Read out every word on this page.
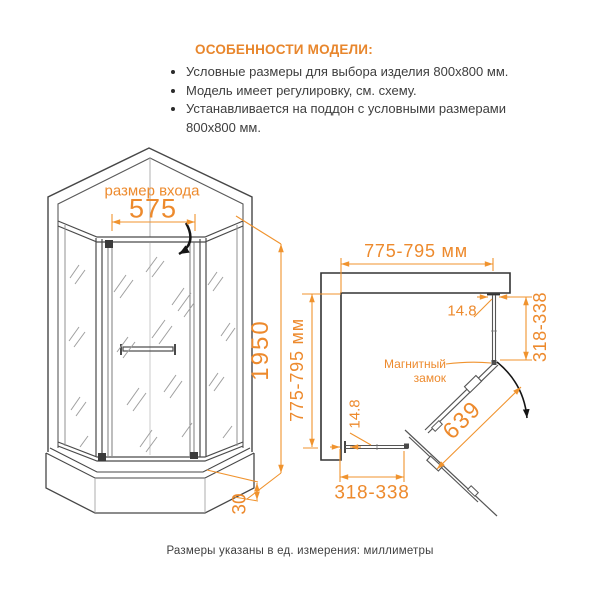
ОСОБЕННОСТИ МОДЕЛИ:
• Условные размеры для выбора изделия 800x800 мм.
• Модель имеет регулировку, см. схему.
• Устанавливается на поддон с условными размерами 800x800 мм.
размер входа
575
1950
30
775-795 мм
775-795 мм
14.8	318-338
639
14.8
318-338
Магнитный
замок
Размеры указаны в ед. измерения: миллиметры
